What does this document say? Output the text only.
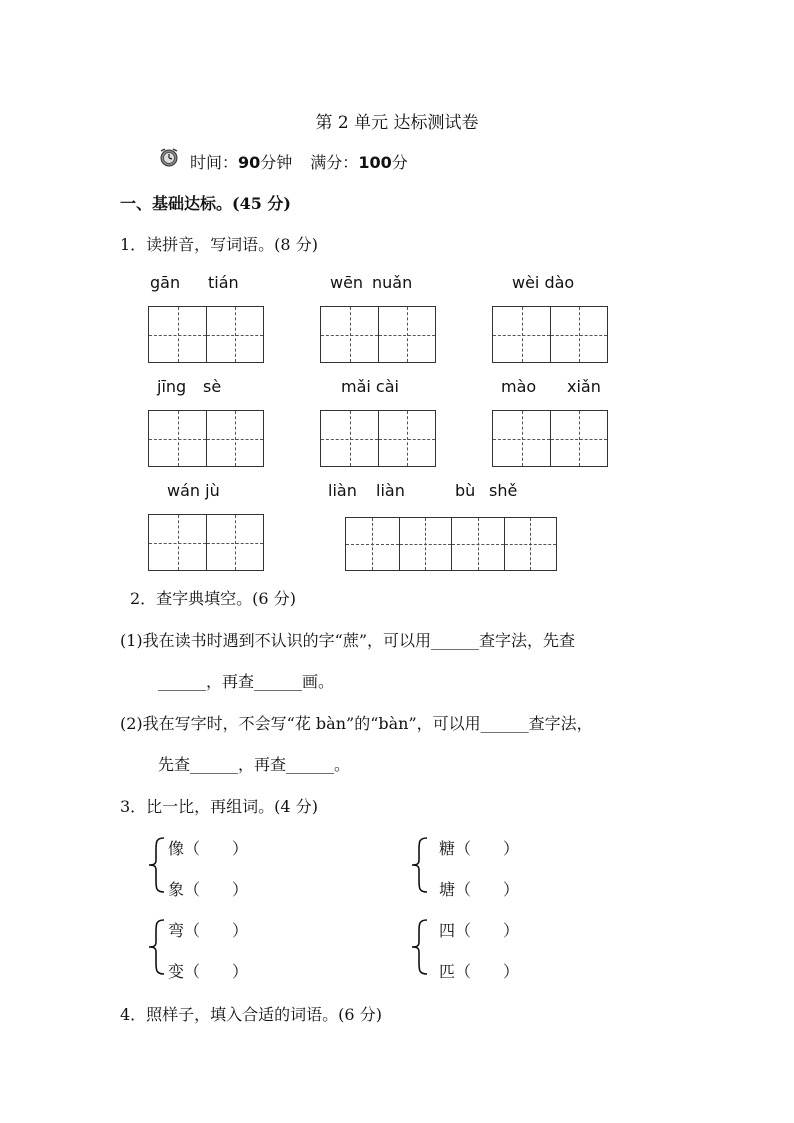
第 2 单元 达标测试卷
时间：90分钟 满分：100分
一、基础达标。(45 分)
1．读拼音，写词语。(8 分)
gān tián	wēn nuǎn	wèi dào
jīng sè	mǎi cài	mào xiǎn
wán jù	liàn liàn	bù shě
2．查字典填空。(6 分)
(1)我在读书时遇到不认识的字“蔗”，可以用______查字法，先查
______，再查______画。
(2)我在写字时，不会写“花 bàn”的“bàn”，可以用______查字法，
先查______，再查______。
3．比一比，再组词。(4 分)
像（　　）
象（　　）
糖（　　）
塘（　　）
弯（　　）
变（　　）
四（　　）
匹（　　）
4．照样子，填入合适的词语。(6 分)
